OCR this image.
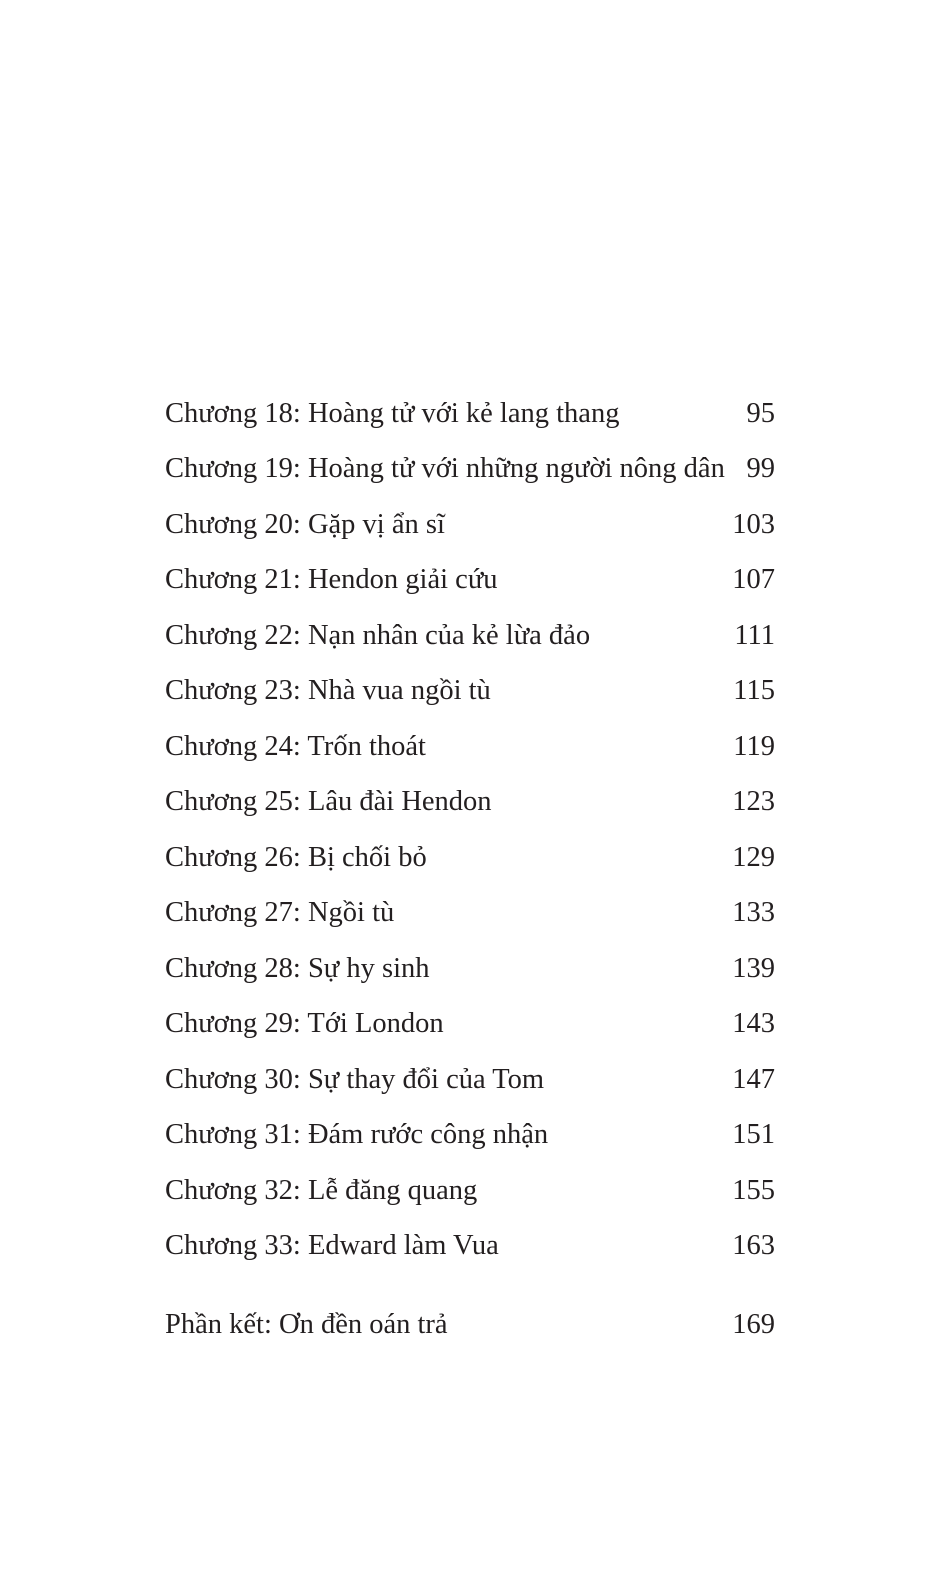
Chương 18: Hoàng tử với kẻ lang thang	95
Chương 19: Hoàng tử với những người nông dân 99
Chương 20: Gặp vị ẩn sĩ	103
Chương 21: Hendon giải cứu	107
Chương 22: Nạn nhân của kẻ lừa đảo	111
Chương 23: Nhà vua ngồi tù	115
Chương 24: Trốn thoát	119
Chương 25: Lâu đài Hendon	123
Chương 26: Bị chối bỏ	129
Chương 27: Ngồi tù	133
Chương 28: Sự hy sinh	139
Chương 29: Tới London	143
Chương 30: Sự thay đổi của Tom	147
Chương 31: Đám rước công nhận	151
Chương 32: Lễ đăng quang	155
Chương 33: Edward làm Vua	163
Phần kết: Ơn đền oán trả	169
